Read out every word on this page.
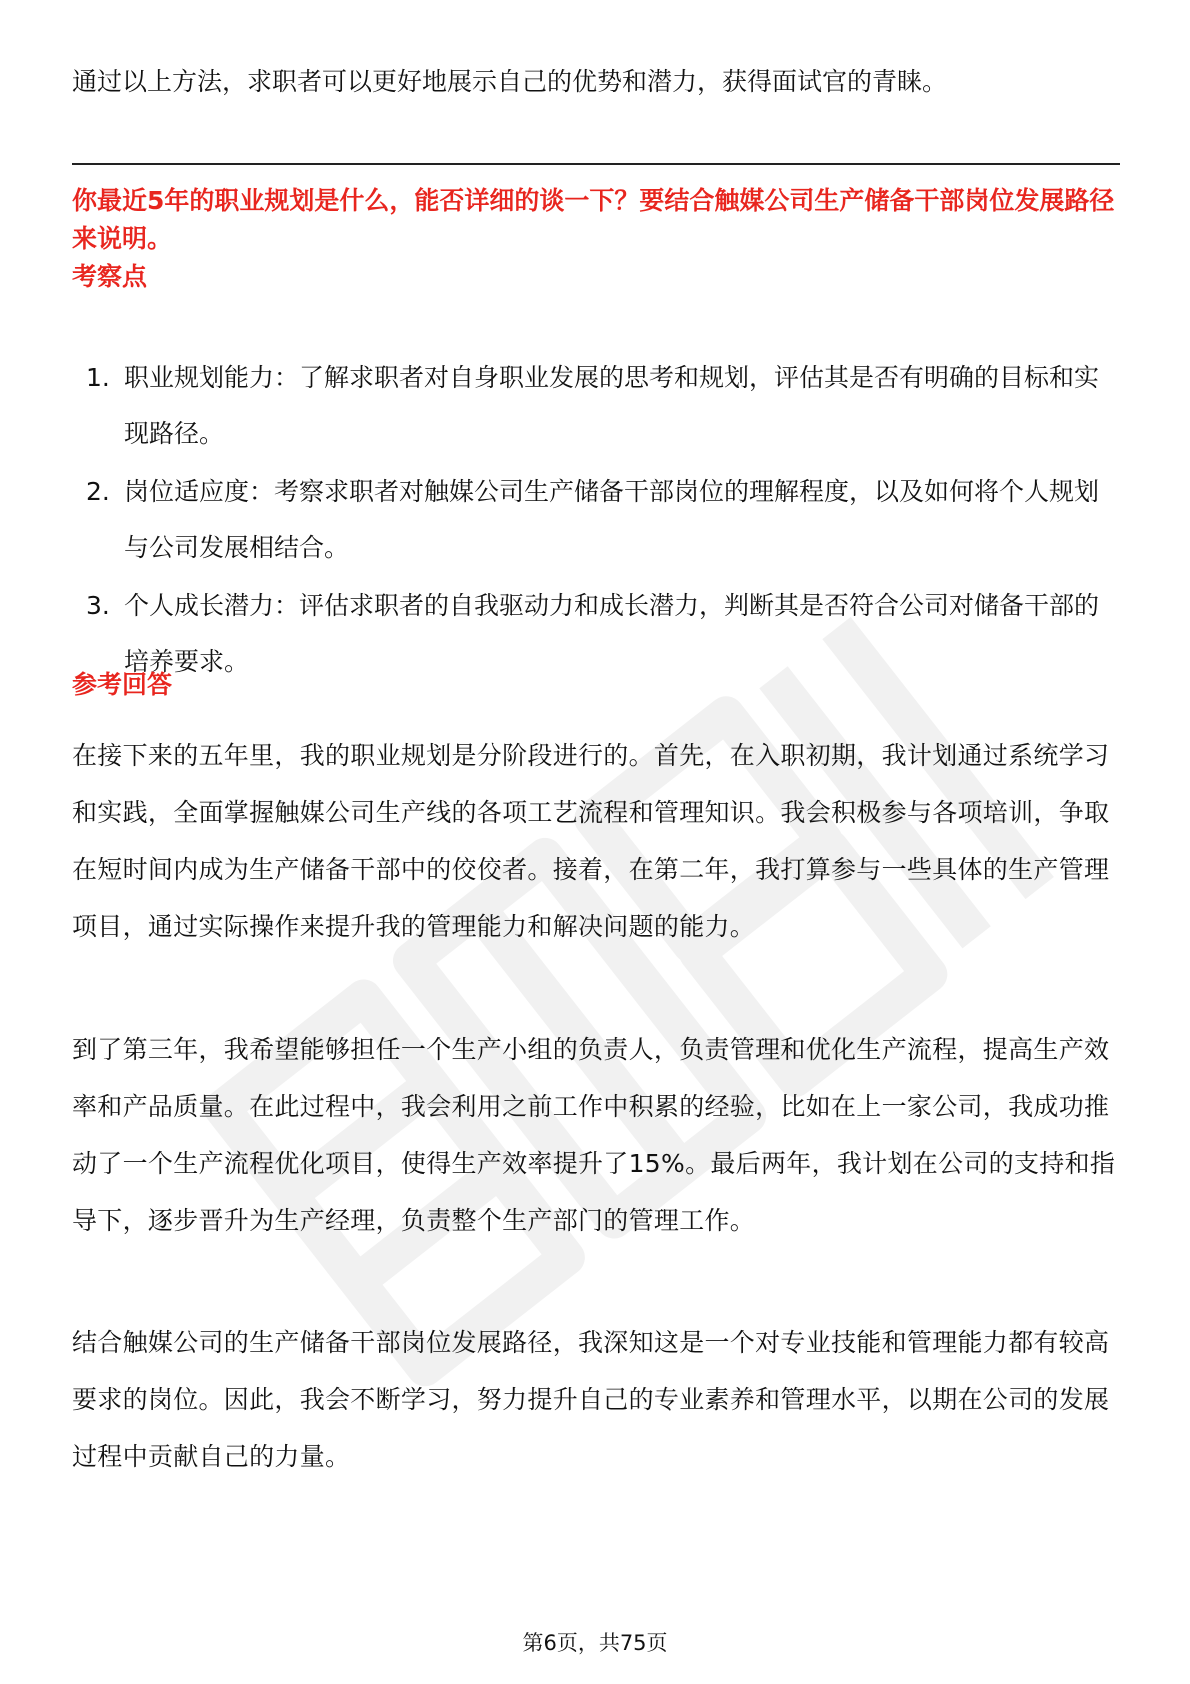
通过以上方法，求职者可以更好地展示自己的优势和潜力，获得面试官的青睐。
你最近5年的职业规划是什么，能否详细的谈一下？要结合触媒公司生产储备干部岗位发展路径来说明。
考察点
1. 职业规划能力：了解求职者对自身职业发展的思考和规划，评估其是否有明确的目标和实现路径。
2. 岗位适应度：考察求职者对触媒公司生产储备干部岗位的理解程度，以及如何将个人规划与公司发展相结合。
3. 个人成长潜力：评估求职者的自我驱动力和成长潜力，判断其是否符合公司对储备干部的培养要求。
参考回答

在接下来的五年里，我的职业规划是分阶段进行的。首先，在入职初期，我计划通过系统学习和实践，全面掌握触媒公司生产线的各项工艺流程和管理知识。我会积极参与各项培训，争取在短时间内成为生产储备干部中的佼佼者。接着，在第二年，我打算参与一些具体的生产管理项目，通过实际操作来提升我的管理能力和解决问题的能力。

到了第三年，我希望能够担任一个生产小组的负责人，负责管理和优化生产流程，提高生产效率和产品质量。在此过程中，我会利用之前工作中积累的经验，比如在上一家公司，我成功推动了一个生产流程优化项目，使得生产效率提升了15%。最后两年，我计划在公司的支持和指导下，逐步晋升为生产经理，负责整个生产部门的管理工作。

结合触媒公司的生产储备干部岗位发展路径，我深知这是一个对专业技能和管理能力都有较高要求的岗位。因此，我会不断学习，努力提升自己的专业素养和管理水平，以期在公司的发展过程中贡献自己的力量。

第6页，共75页
